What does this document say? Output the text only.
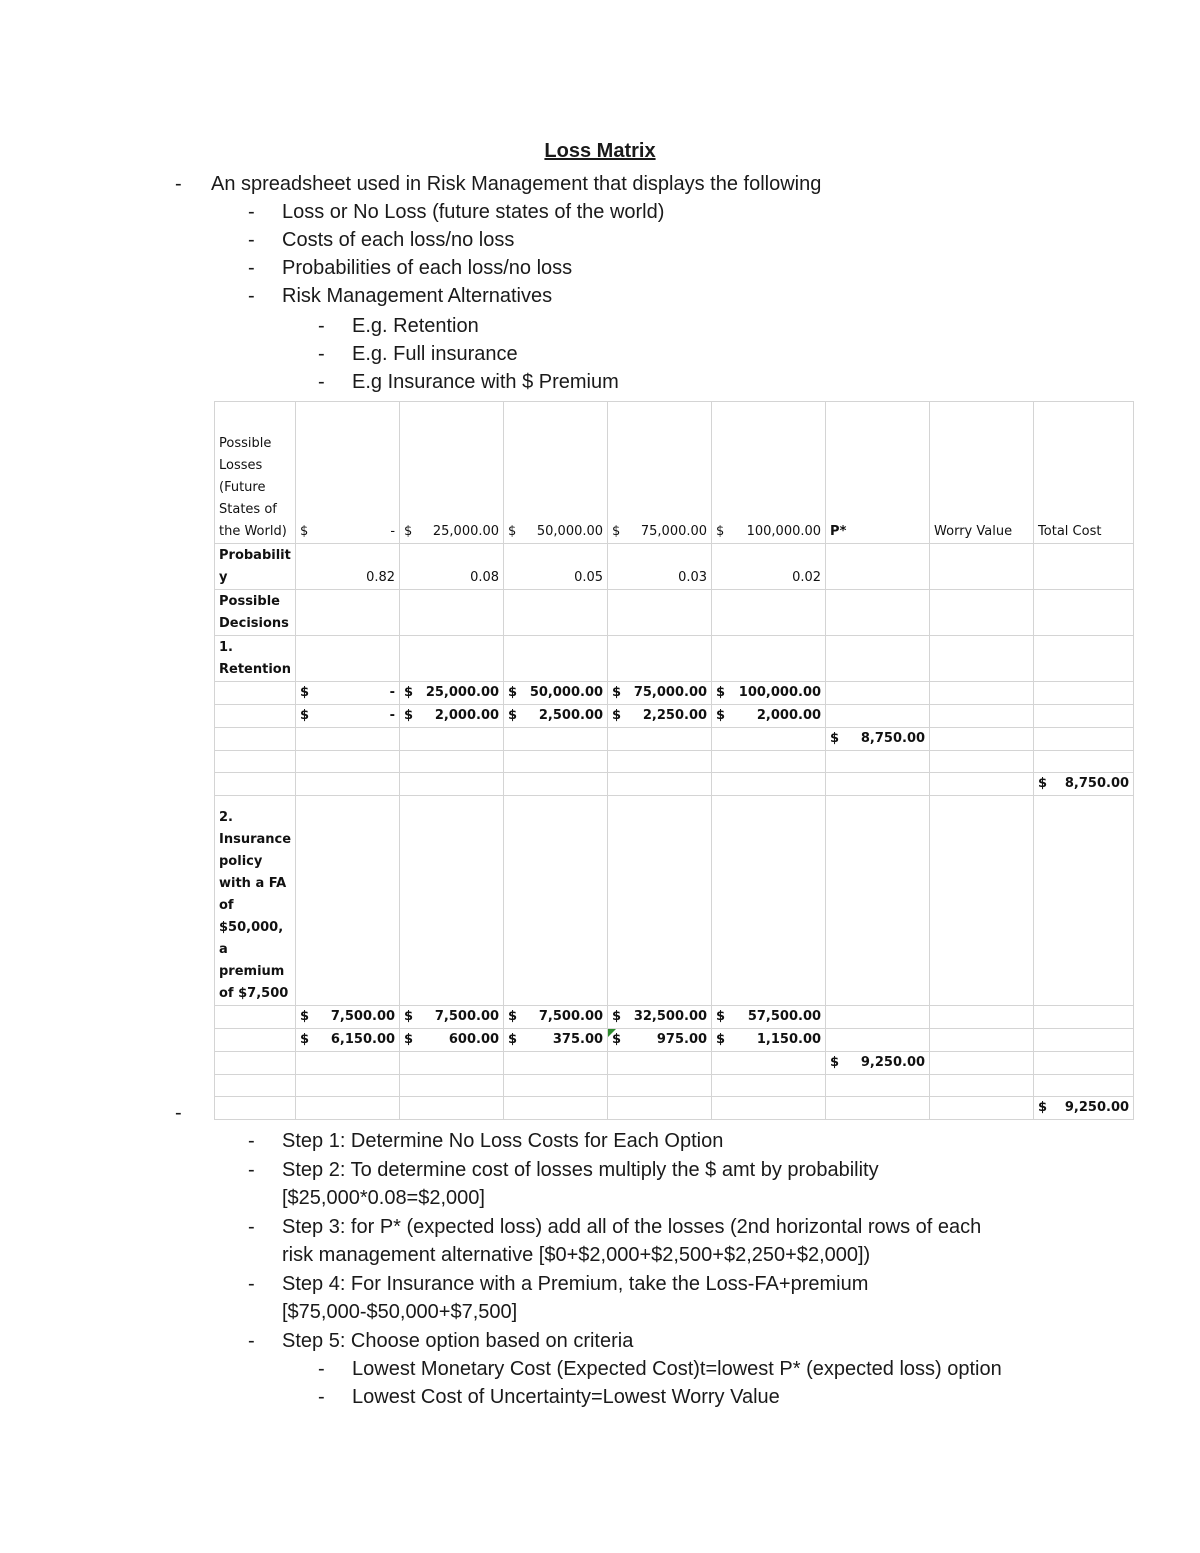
Loss Matrix
- An spreadsheet used in Risk Management that displays the following
- Loss or No Loss (future states of the world)
- Costs of each loss/no loss
- Probabilities of each loss/no loss
- Risk Management Alternatives
- E.g. Retention
- E.g. Full insurance
- E.g Insurance with $ Premium
Possible Losses (Future States of the World)	$ -	$ 25,000.00	$ 50,000.00	$ 75,000.00	$ 100,000.00	P*	Worry Value	Total Cost
Probability	0.82	0.08	0.05	0.03	0.02			
Possible Decisions								
1. Retention								

	$ -	$ 25,000.00	$ 50,000.00	$ 75,000.00	$ 100,000.00			

	$ -	$ 2,000.00	$ 2,500.00	$ 2,250.00	$ 2,000.00			

						$ 8,750.00		

								$ 8,750.00

2. Insurance policy with a FA of $50,000, a premium of $7,500								

	$ 7,500.00	$ 7,500.00	$ 7,500.00	$ 32,500.00	$ 57,500.00			

	$ 6,150.00	$ 600.00	$ 375.00	$ 975.00	$ 1,150.00			

						$ 9,250.00		

								$ 9,250.00
-
- Step 1: Determine No Loss Costs for Each Option
- Step 2: To determine cost of losses multiply the $ amt by probability
[$25,000*0.08=$2,000]
- Step 3: for P* (expected loss) add all of the losses (2nd horizontal rows of each
risk management alternative [$0+$2,000+$2,500+$2,250+$2,000])
- Step 4: For Insurance with a Premium, take the Loss-FA+premium
[$75,000-$50,000+$7,500]
- Step 5: Choose option based on criteria
- Lowest Monetary Cost (Expected Cost)t=lowest P* (expected loss) option
- Lowest Cost of Uncertainty=Lowest Worry Value
